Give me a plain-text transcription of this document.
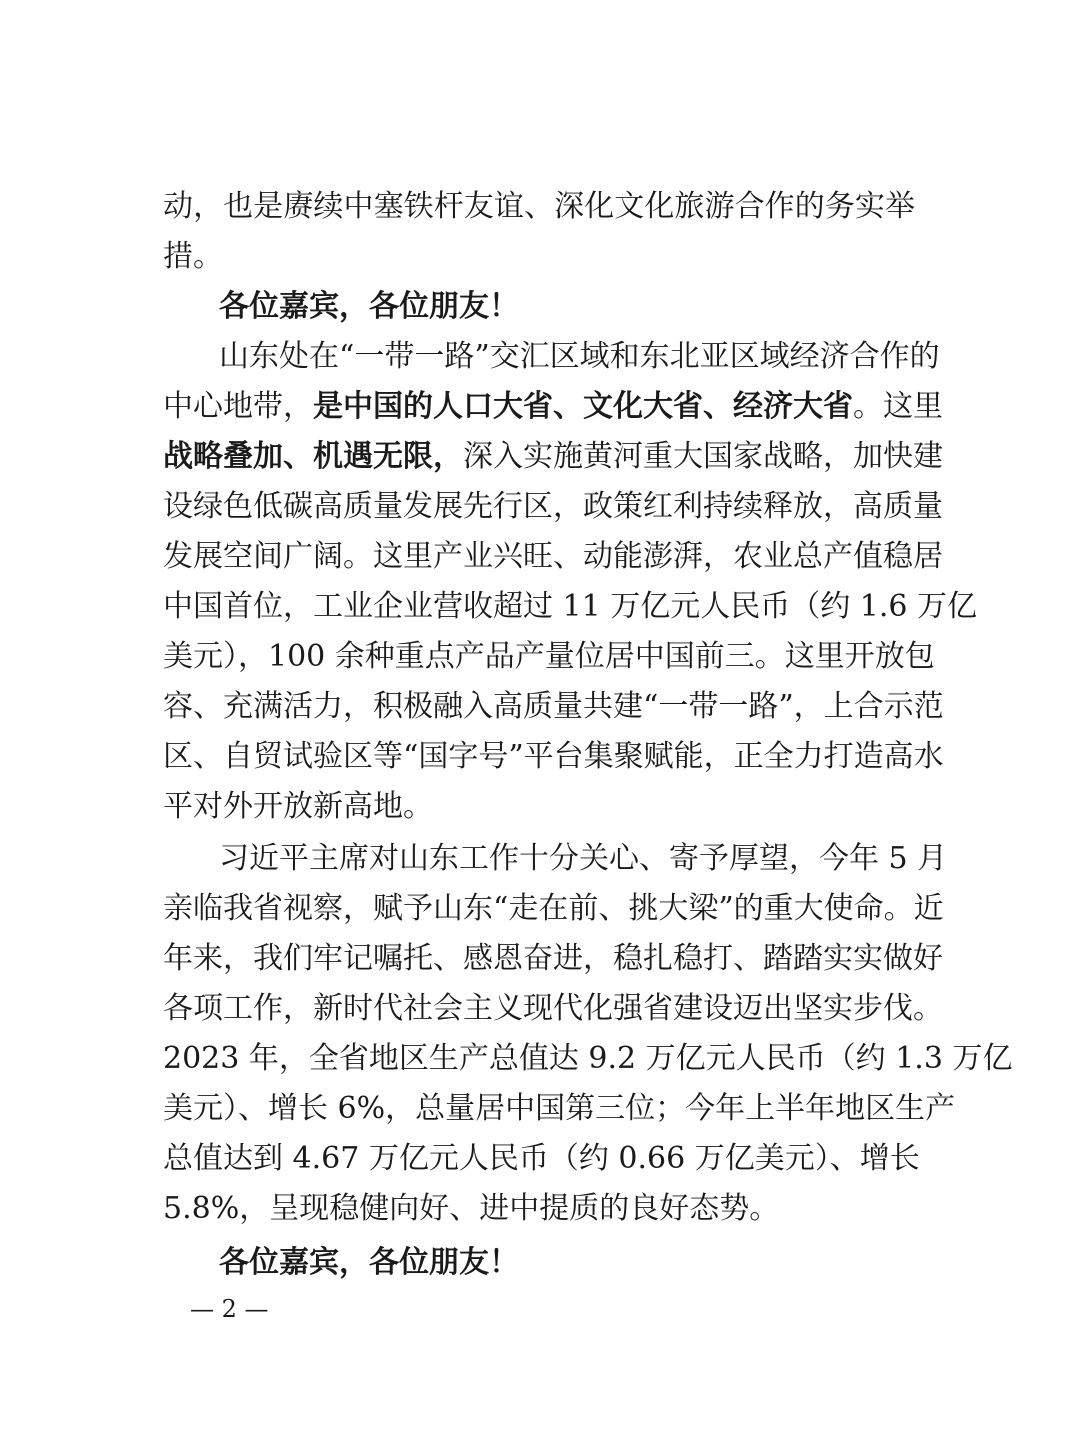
动，也是赓续中塞铁杆友谊、深化文化旅游合作的务实举
措。
各位嘉宾，各位朋友！
山东处在“一带一路”交汇区域和东北亚区域经济合作的
中心地带，是中国的人口大省、文化大省、经济大省。这里
战略叠加、机遇无限，深入实施黄河重大国家战略，加快建
设绿色低碳高质量发展先行区，政策红利持续释放，高质量
发展空间广阔。这里产业兴旺、动能澎湃，农业总产值稳居
中国首位，工业企业营收超过 11 万亿元人民币（约 1.6 万亿
美元），100 余种重点产品产量位居中国前三。这里开放包
容、充满活力，积极融入高质量共建“一带一路”，上合示范
区、自贸试验区等“国字号”平台集聚赋能，正全力打造高水
平对外开放新高地。
习近平主席对山东工作十分关心、寄予厚望，今年 5 月
亲临我省视察，赋予山东“走在前、挑大梁”的重大使命。近
年来，我们牢记嘱托、感恩奋进，稳扎稳打、踏踏实实做好
各项工作，新时代社会主义现代化强省建设迈出坚实步伐。
2023 年，全省地区生产总值达 9.2 万亿元人民币（约 1.3 万亿
美元）、增长 6%，总量居中国第三位；今年上半年地区生产
总值达到 4.67 万亿元人民币（约 0.66 万亿美元）、增长
5.8%，呈现稳健向好、进中提质的良好态势。
各位嘉宾，各位朋友！
— 2 —
